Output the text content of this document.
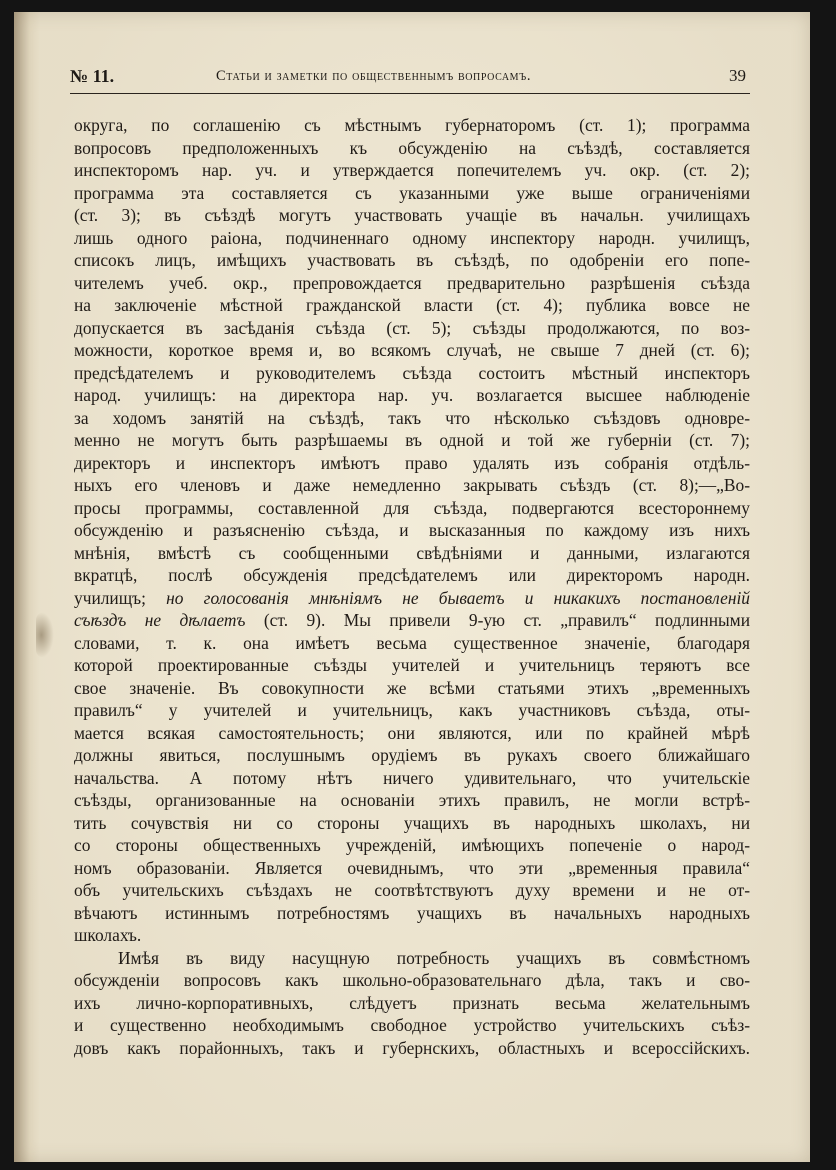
№ 11.	Статьи и заметки по общественнымъ вопросамъ.	39
округа, по соглашенію съ мѣстнымъ губернаторомъ (ст. 1); программа
вопросовъ предположенныхъ къ обсужденію на съѣздѣ, составляется
инспекторомъ нар. уч. и утверждается попечителемъ уч. окр. (ст. 2);
программа эта составляется съ указанными уже выше ограниченіями
(ст. 3); въ съѣздѣ могутъ участвовать учащіе въ начальн. училищахъ
лишь одного раіона, подчиненнаго одному инспектору народн. училищъ,
списокъ лицъ, имѣщихъ участвовать въ съѣздѣ, по одобреніи его попе-
чителемъ учеб. окр., препровождается предварительно разрѣшенія съѣзда
на заключеніе мѣстной гражданской власти (ст. 4); публика вовсе не
допускается въ засѣданія съѣзда (ст. 5); съѣзды продолжаются, по воз-
можности, короткое время и, во всякомъ случаѣ, не свыше 7 дней (ст. 6);
предсѣдателемъ и руководителемъ съѣзда состоитъ мѣстный инспекторъ
народ. училищъ: на директора нар. уч. возлагается высшее наблюденіе
за ходомъ занятій на съѣздѣ, такъ что нѣсколько съѣздовъ одновре-
менно не могутъ быть разрѣшаемы въ одной и той же губерніи (ст. 7);
директоръ и инспекторъ имѣютъ право удалять изъ собранія отдѣль-
ныхъ его членовъ и даже немедленно закрывать съѣздъ (ст. 8);—„Во-
просы программы, составленной для съѣзда, подвергаются всестороннему
обсужденію и разъясненію съѣзда, и высказанныя по каждому изъ нихъ
мнѣнія, вмѣстѣ съ сообщенными свѣдѣніями и данными, излагаются
вкратцѣ, послѣ обсужденія предсѣдателемъ или директоромъ народн.
училищъ; но голосованія мнѣніямъ не бываетъ и никакихъ постановленій
съѣздъ не дѣлаетъ (ст. 9). Мы привели 9-ую ст. „правилъ“ подлинными
словами, т. к. она имѣетъ весьма существенное значеніе, благодаря
которой проектированные съѣзды учителей и учительницъ теряютъ все
свое значеніе. Въ совокупности же всѣми статьями этихъ „временныхъ
правилъ“ у учителей и учительницъ, какъ участниковъ съѣзда, оты-
мается всякая самостоятельность; они являются, или по крайней мѣрѣ
должны явиться, послушнымъ орудіемъ въ рукахъ своего ближайшаго
начальства. А потому нѣтъ ничего удивительнаго, что учительскіе
съѣзды, организованные на основаніи этихъ правилъ, не могли встрѣ-
тить сочувствія ни со стороны учащихъ въ народныхъ школахъ, ни
со стороны общественныхъ учрежденій, имѣющихъ попеченіе о народ-
номъ образованіи. Является очевиднымъ, что эти „временныя правила“
объ учительскихъ съѣздахъ не соотвѣтствуютъ духу времени и не от-
вѣчаютъ истиннымъ потребностямъ учащихъ въ начальныхъ народныхъ
школахъ.
Имѣя въ виду насущную потребность учащихъ въ совмѣстномъ
обсужденіи вопросовъ какъ школьно-образовательнаго дѣла, такъ и сво-
ихъ лично-корпоративныхъ, слѣдуетъ признать весьма желательнымъ
и существенно необходимымъ свободное устройство учительскихъ съѣз-
довъ какъ порайонныхъ, такъ и губернскихъ, областныхъ и всероссійскихъ.
